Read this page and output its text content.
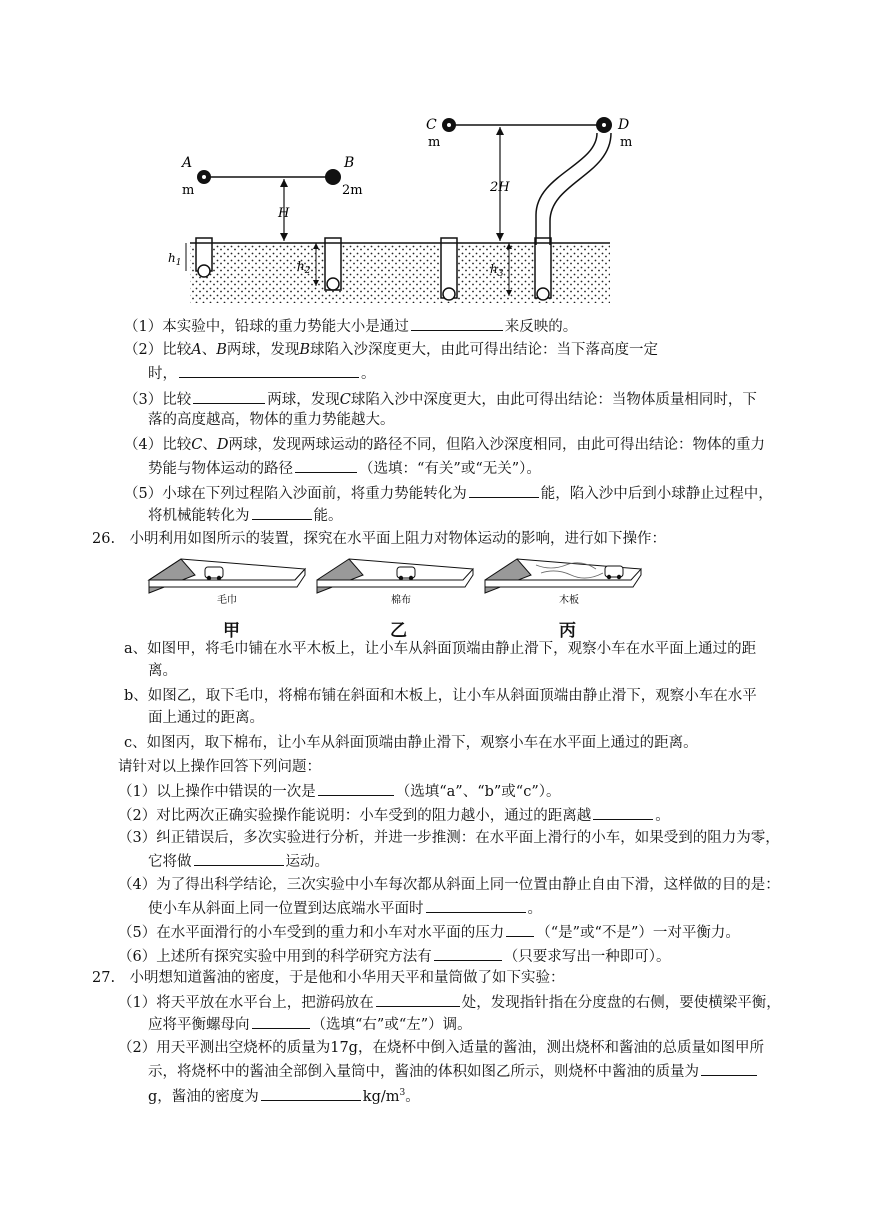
A
m
B
2m
H
$h_1$	$h_2$	$h_3$
C
m
D
m
2H
（1）本实验中，铅球的重力势能大小是通过	来反映的。
（2）比较A、B两球，发现B球陷入沙深度更大，由此可得出结论：当下落高度一定
时，	。
（3）比较	两球，发现C球陷入沙中深度更大，由此可得出结论：当物体质量相同时，下
落的高度越高，物体的重力势能越大。
（4）比较C、D两球，发现两球运动的路径不同，但陷入沙深度相同，由此可得出结论：物体的重力
势能与物体运动的路径	（选填：“有关”或“无关”）。
（5）小球在下列过程陷入沙面前，将重力势能转化为	能，陷入沙中后到小球静止过程中，
将机械能转化为	能。
26.　小明利用如图所示的装置，探究在水平面上阻力对物体运动的影响，进行如下操作：
毛巾	棉布	木板
甲	乙	丙
a、如图甲，将毛巾铺在水平木板上，让小车从斜面顶端由静止滑下，观察小车在水平面上通过的距
离。
b、如图乙，取下毛巾，将棉布铺在斜面和木板上，让小车从斜面顶端由静止滑下，观察小车在水平
面上通过的距离。
c、如图丙，取下棉布，让小车从斜面顶端由静止滑下，观察小车在水平面上通过的距离。
请针对以上操作回答下列问题：
（1）以上操作中错误的一次是	（选填“a”、“b”或“c”）。
（2）对比两次正确实验操作能说明：小车受到的阻力越小，通过的距离越	。
（3）纠正错误后，多次实验进行分析，并进一步推测：在水平面上滑行的小车，如果受到的阻力为零，
它将做	运动。
（4）为了得出科学结论，三次实验中小车每次都从斜面上同一位置由静止自由下滑，这样做的目的是：
使小车从斜面上同一位置到达底端水平面时	。
（5）在水平面滑行的小车受到的重力和小车对水平面的压力 （“是”或“不是”）一对平衡力。
（6）上述所有探究实验中用到的科学研究方法有	（只要求写出一种即可）。
27.　小明想知道酱油的密度，于是他和小华用天平和量筒做了如下实验：
（1）将天平放在水平台上，把游码放在	处，发现指针指在分度盘的右侧，要使横梁平衡，
应将平衡螺母向	（选填“右”或“左”）调。
（2）用天平测出空烧杯的质量为17g，在烧杯中倒入适量的酱油，测出烧杯和酱油的总质量如图甲所
示，将烧杯中的酱油全部倒入量筒中，酱油的体积如图乙所示，则烧杯中酱油的质量为
g，酱油的密度为	$kg/m^3$。
